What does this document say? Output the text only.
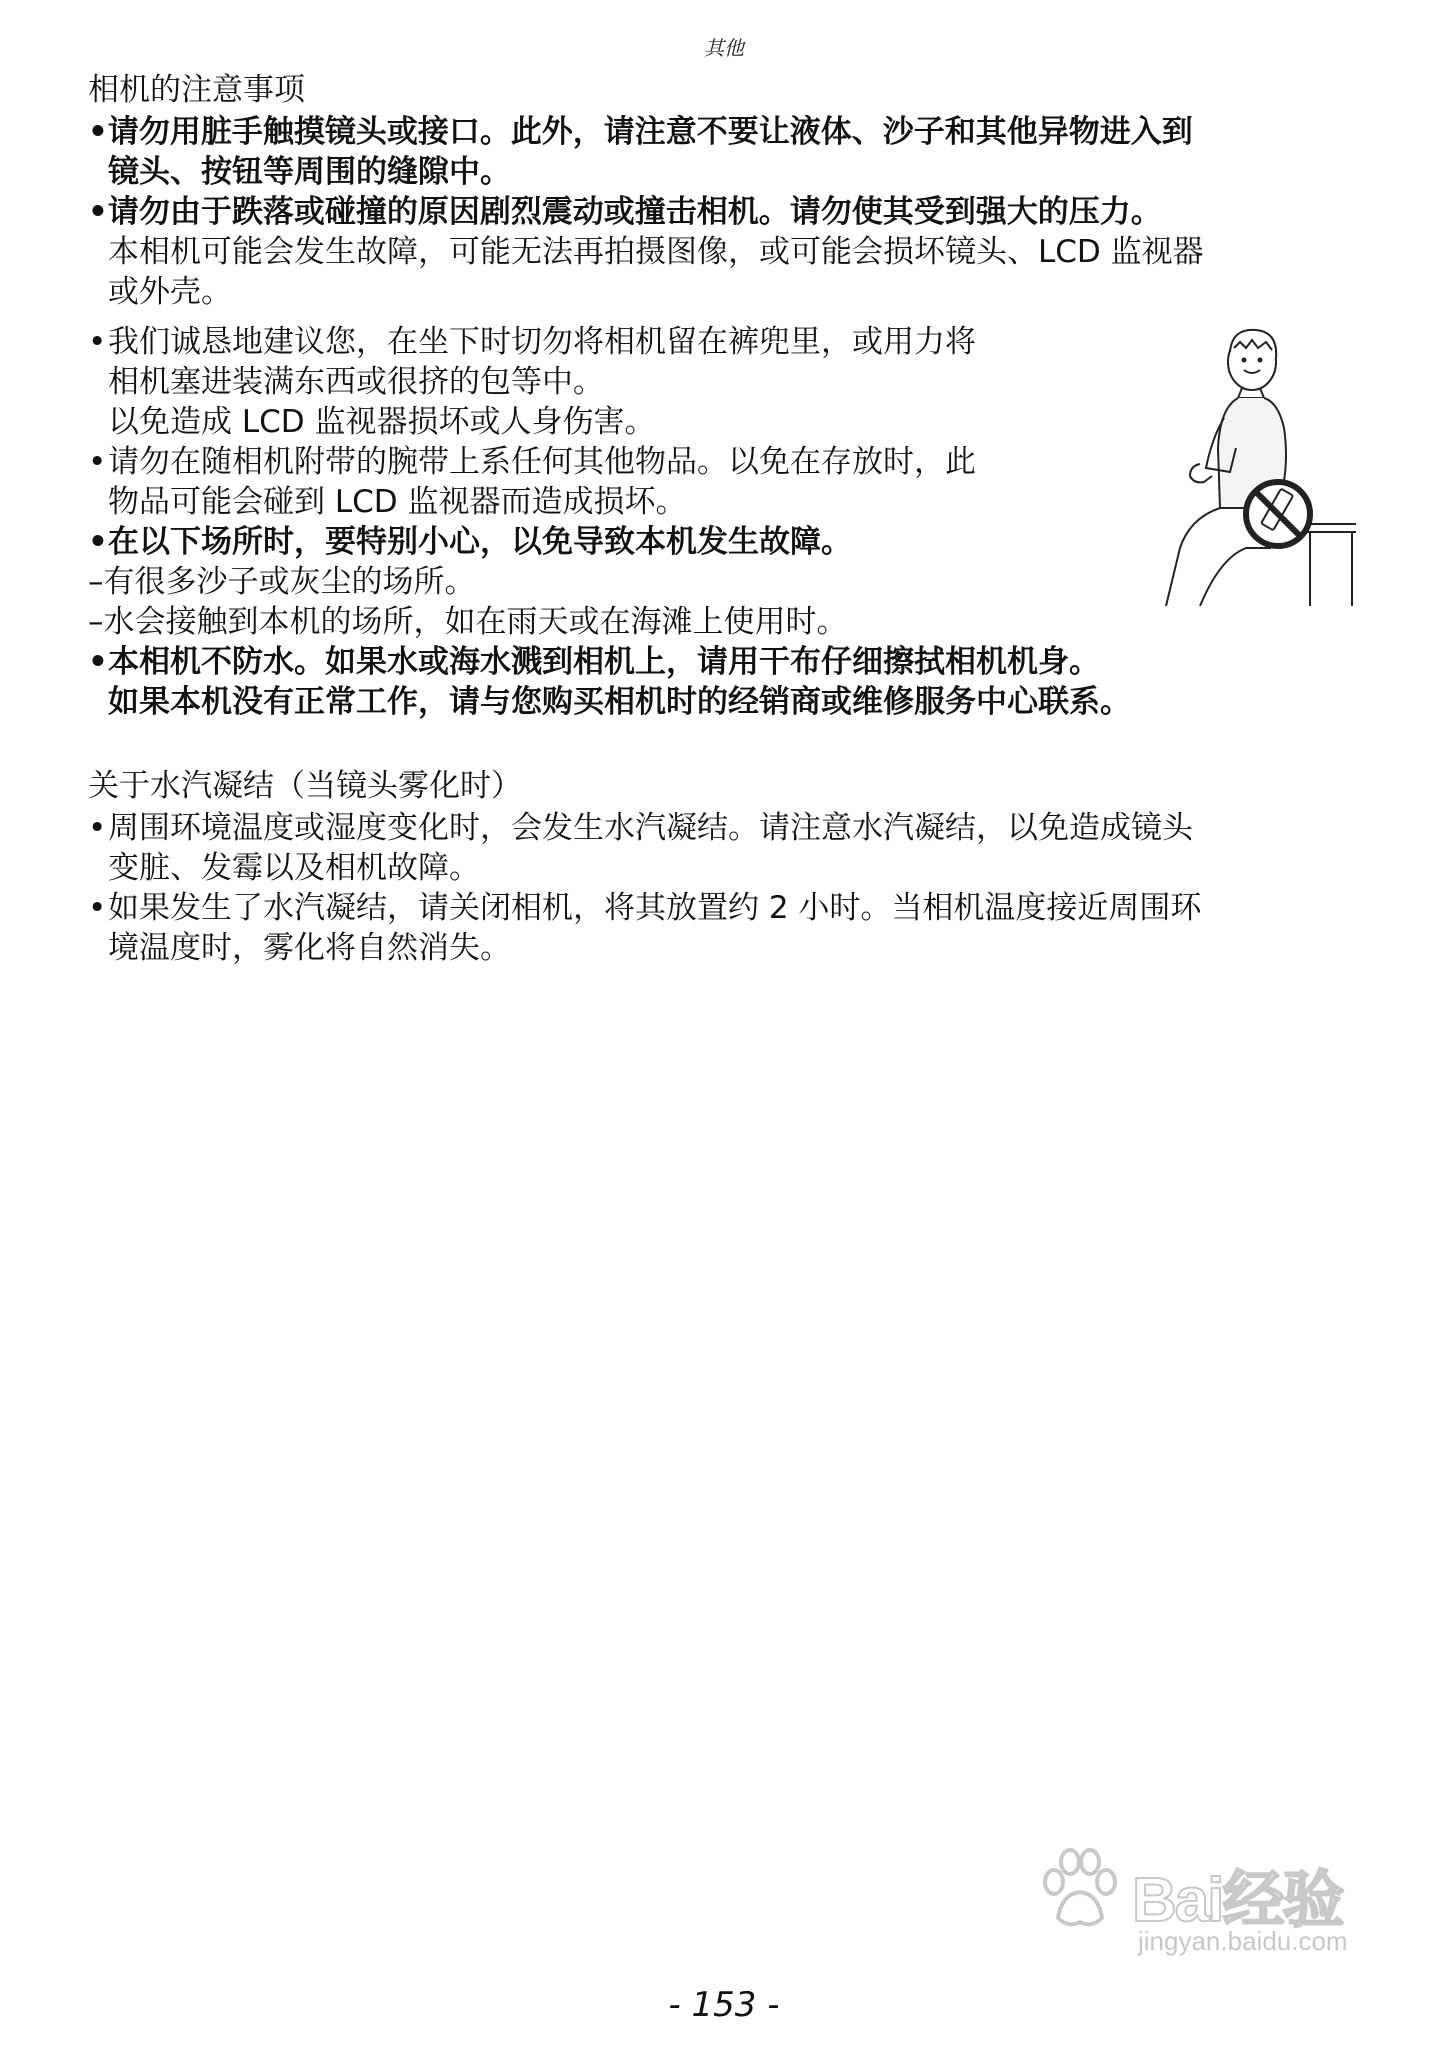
其他
相机的注意事项
•请勿用脏手触摸镜头或接口。此外，请注意不要让液体、沙子和其他异物进入到
镜头、按钮等周围的缝隙中。
•请勿由于跌落或碰撞的原因剧烈震动或撞击相机。请勿使其受到强大的压力。
本相机可能会发生故障，可能无法再拍摄图像，或可能会损坏镜头、LCD 监视器
或外壳。
• 我们诚恳地建议您，在坐下时切勿将相机留在裤兜里，或用力将
相机塞进装满东西或很挤的包等中。
以免造成 LCD 监视器损坏或人身伤害。
• 请勿在随相机附带的腕带上系任何其他物品。以免在存放时，此
物品可能会碰到 LCD 监视器而造成损坏。
• 在以下场所时，要特别小心，以免导致本机发生故障。
–有很多沙子或灰尘的场所。
–水会接触到本机的场所，如在雨天或在海滩上使用时。
• 本相机不防水。如果水或海水溅到相机上，请用干布仔细擦拭相机机身。
如果本机没有正常工作，请与您购买相机时的经销商或维修服务中心联系。
关于水汽凝结（当镜头雾化时）
• 周围环境温度或湿度变化时，会发生水汽凝结。请注意水汽凝结，以免造成镜头
变脏、发霉以及相机故障。
• 如果发生了水汽凝结，请关闭相机，将其放置约 2 小时。当相机温度接近周围环
境温度时，雾化将自然消失。
Bai经验
jingyan.baidu.com
- 153 -
